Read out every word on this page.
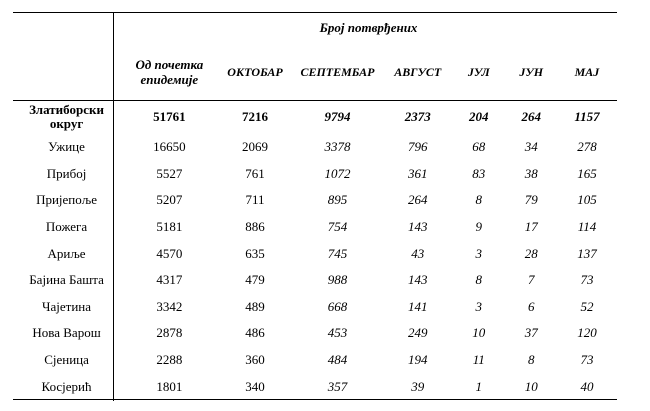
	Број потврђених						
	Од почетка епидемије	ОКТОБАР	СЕПТЕМБАР	АВГУСТ	ЈУЛ	ЈУН	МАЈ
Златиборски округ	51761	7216	9794	2373	204	264	1157
Ужице	16650	2069	3378	796	68	34	278
Прибој	5527	761	1072	361	83	38	165
Пријепоље	5207	711	895	264	8	79	105
Пожега	5181	886	754	143	9	17	114
Ариље	4570	635	745	43	3	28	137
Бајина Башта	4317	479	988	143	8	7	73
Чајетина	3342	489	668	141	3	6	52
Нова Варош	2878	486	453	249	10	37	120
Сјеница	2288	360	484	194	11	8	73
Косјерић	1801	340	357	39	1	10	40
